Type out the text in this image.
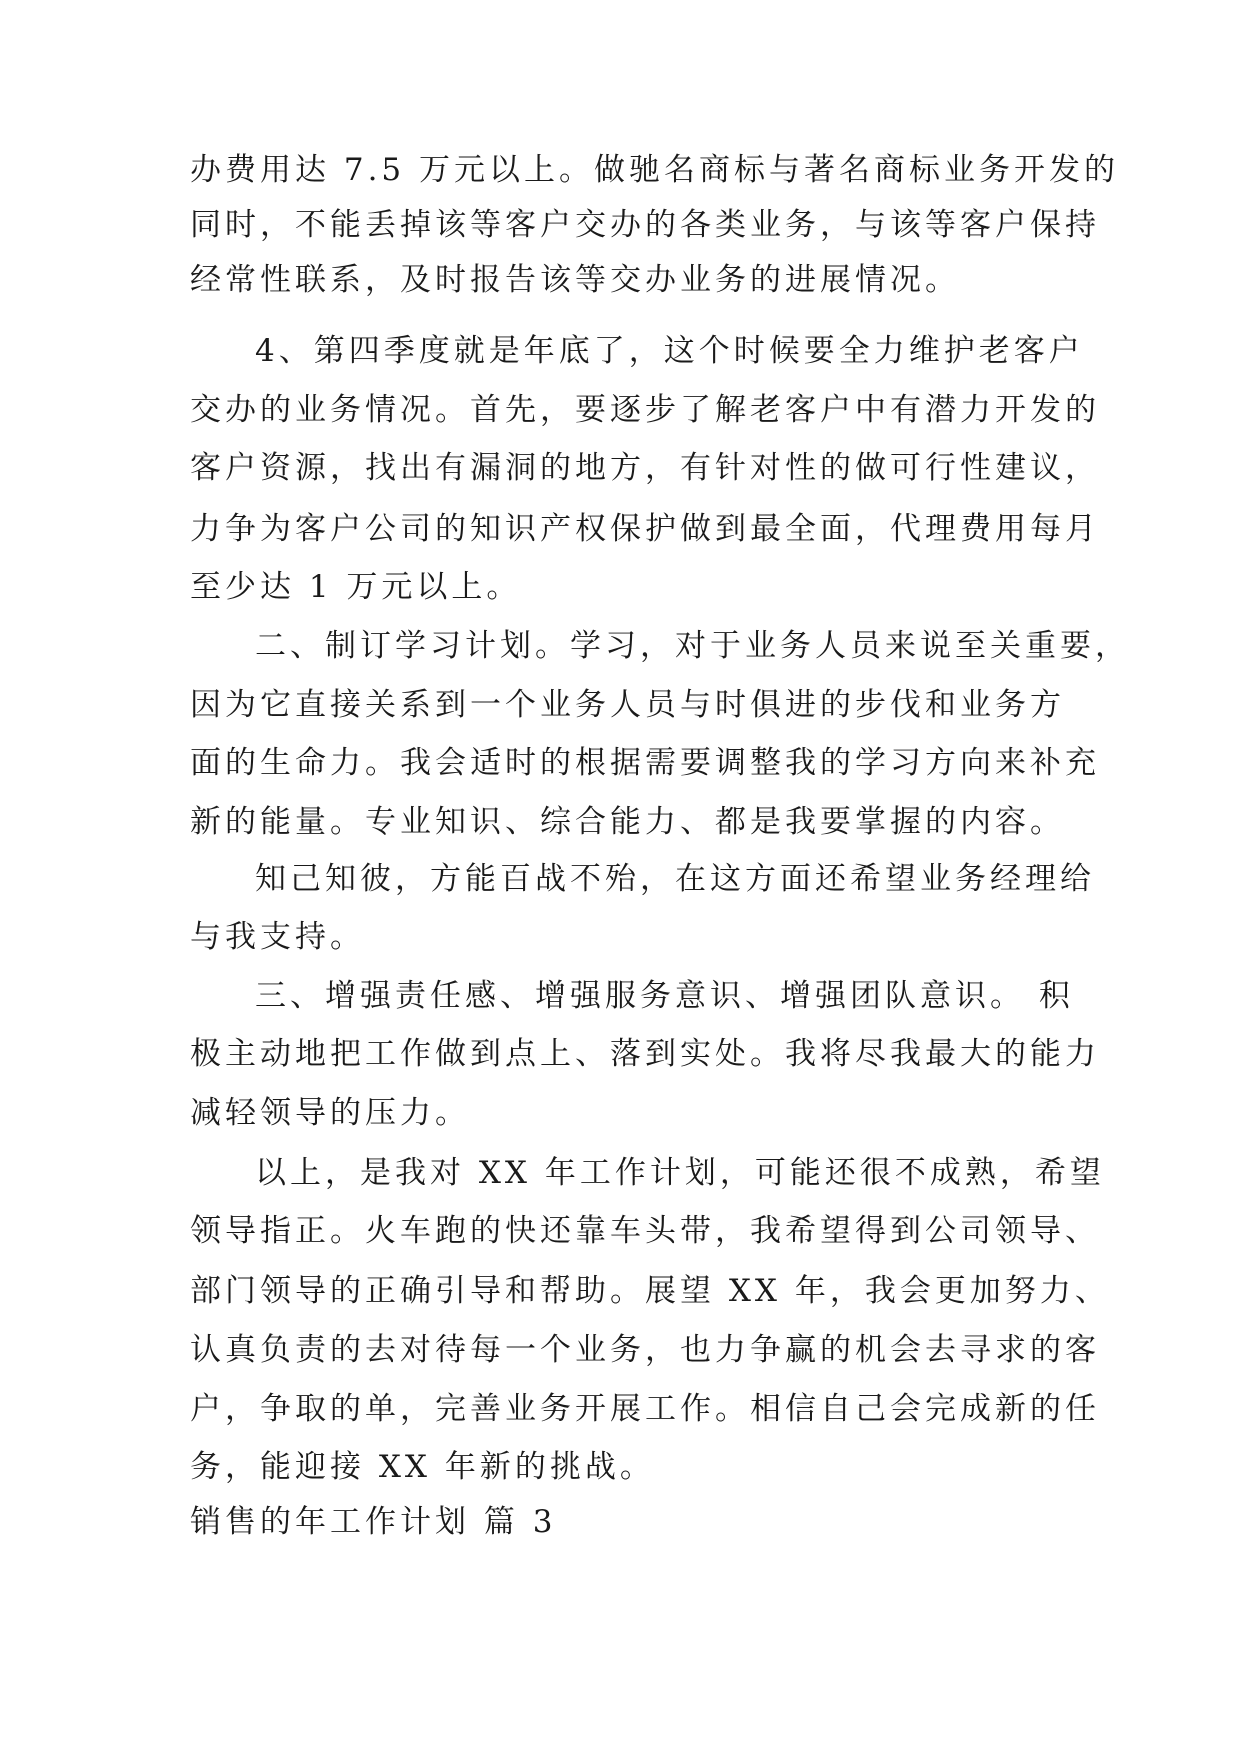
办费用达 7.5 万元以上。做驰名商标与著名商标业务开发的
同时，不能丢掉该等客户交办的各类业务，与该等客户保持
经常性联系，及时报告该等交办业务的进展情况。
4、第四季度就是年底了，这个时候要全力维护老客户
交办的业务情况。首先，要逐步了解老客户中有潜力开发的
客户资源，找出有漏洞的地方，有针对性的做可行性建议，
力争为客户公司的知识产权保护做到最全面，代理费用每月
至少达 1 万元以上。
二、制订学习计划。学习，对于业务人员来说至关重要，
因为它直接关系到一个业务人员与时俱进的步伐和业务方
面的生命力。我会适时的根据需要调整我的学习方向来补充
新的能量。专业知识、综合能力、都是我要掌握的内容。
知己知彼，方能百战不殆，在这方面还希望业务经理给
与我支持。
三、增强责任感、增强服务意识、增强团队意识。 积
极主动地把工作做到点上、落到实处。我将尽我最大的能力
减轻领导的压力。
以上，是我对 XX 年工作计划，可能还很不成熟，希望
领导指正。火车跑的快还靠车头带，我希望得到公司领导、
部门领导的正确引导和帮助。展望 XX 年，我会更加努力、
认真负责的去对待每一个业务，也力争赢的机会去寻求的客
户，争取的单，完善业务开展工作。相信自己会完成新的任
务，能迎接 XX 年新的挑战。
销售的年工作计划 篇 3
